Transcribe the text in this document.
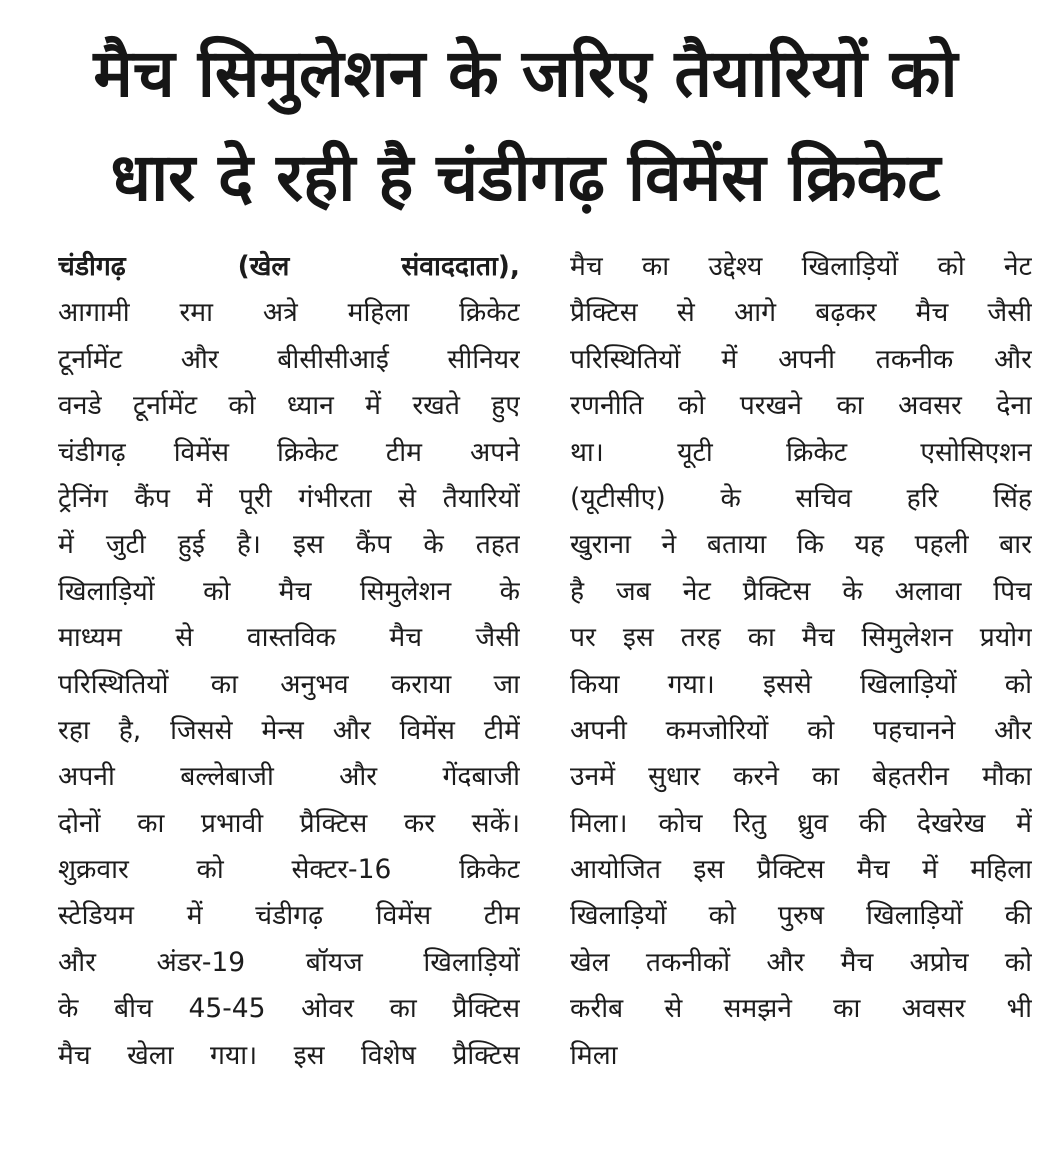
मैच सिमुलेशन के जरिए तैयारियों को
धार दे रही है चंडीगढ़ विमेंस क्रिकेट
चंडीगढ़ (खेल संवाददाता),
आगामी रमा अत्रे महिला क्रिकेट
टूर्नामेंट और बीसीसीआई सीनियर
वनडे टूर्नामेंट को ध्यान में रखते हुए
चंडीगढ़ विमेंस क्रिकेट टीम अपने
ट्रेनिंग कैंप में पूरी गंभीरता से तैयारियों
में जुटी हुई है। इस कैंप के तहत
खिलाड़ियों को मैच सिमुलेशन के
माध्यम से वास्तविक मैच जैसी
परिस्थितियों का अनुभव कराया जा
रहा है, जिससे मेन्स और विमेंस टीमें
अपनी बल्लेबाजी और गेंदबाजी
दोनों का प्रभावी प्रैक्टिस कर सकें।
शुक्रवार को सेक्टर-16 क्रिकेट
स्टेडियम में चंडीगढ़ विमेंस टीम
और अंडर-19 बॉयज खिलाड़ियों
के बीच 45-45 ओवर का प्रैक्टिस
मैच खेला गया। इस विशेष प्रैक्टिस
मैच का उद्देश्य खिलाड़ियों को नेट
प्रैक्टिस से आगे बढ़कर मैच जैसी
परिस्थितियों में अपनी तकनीक और
रणनीति को परखने का अवसर देना
था। यूटी क्रिकेट एसोसिएशन
(यूटीसीए) के सचिव हरि सिंह
खुराना ने बताया कि यह पहली बार
है जब नेट प्रैक्टिस के अलावा पिच
पर इस तरह का मैच सिमुलेशन प्रयोग
किया गया। इससे खिलाड़ियों को
अपनी कमजोरियों को पहचानने और
उनमें सुधार करने का बेहतरीन मौका
मिला। कोच रितु ध्रुव की देखरेख में
आयोजित इस प्रैक्टिस मैच में महिला
खिलाड़ियों को पुरुष खिलाड़ियों की
खेल तकनीकों और मैच अप्रोच को
करीब से समझने का अवसर भी
मिला
